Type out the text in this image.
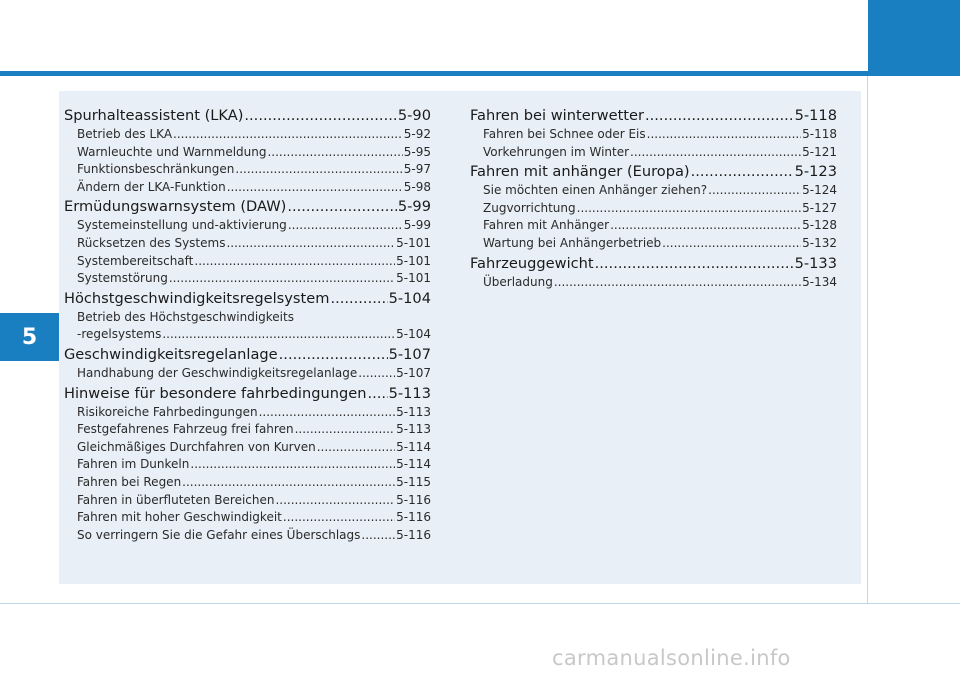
5
Spurhalteassistent (LKA) .....	5-90
Betrieb des LKA .....	5-92
Warnleuchte und Warnmeldung .....	5-95
Funktionsbeschränkungen .....	5-97
Ändern der LKA-Funktion .....	5-98
Ermüdungswarnsystem (DAW) .....	5-99
Systemeinstellung und-aktivierung .....	5-99
Rücksetzen des Systems .....	5-101
Systembereitschaft .....	5-101
Systemstörung .....	5-101
Höchstgeschwindigkeitsregelsystem .....	5-104
Betrieb des Höchstgeschwindigkeits
-regelsystems .....	5-104
Geschwindigkeitsregelanlage .....	5-107
Handhabung der Geschwindigkeitsregelanlage .....	5-107
Hinweise für besondere fahrbedingungen ..... 5-113
Risikoreiche Fahrbedingungen .....	5-113
Festgefahrenes Fahrzeug frei fahren .....	5-113
Gleichmäßiges Durchfahren von Kurven .....	5-114
Fahren im Dunkeln .....	5-114
Fahren bei Regen .....	5-115
Fahren in überfluteten Bereichen .....	5-116
Fahren mit hoher Geschwindigkeit .....	5-116
So verringern Sie die Gefahr eines Überschlags .....	5-116
Fahren bei winterwetter .....	5-118
Fahren bei Schnee oder Eis .....	5-118
Vorkehrungen im Winter .....	5-121
Fahren mit anhänger (Europa) .....	5-123
Sie möchten einen Anhänger ziehen? .....	5-124
Zugvorrichtung .....	5-127
Fahren mit Anhänger .....	5-128
Wartung bei Anhängerbetrieb .....	5-132
Fahrzeuggewicht .....	5-133
Überladung .....	5-134
carmanualsonline.info
